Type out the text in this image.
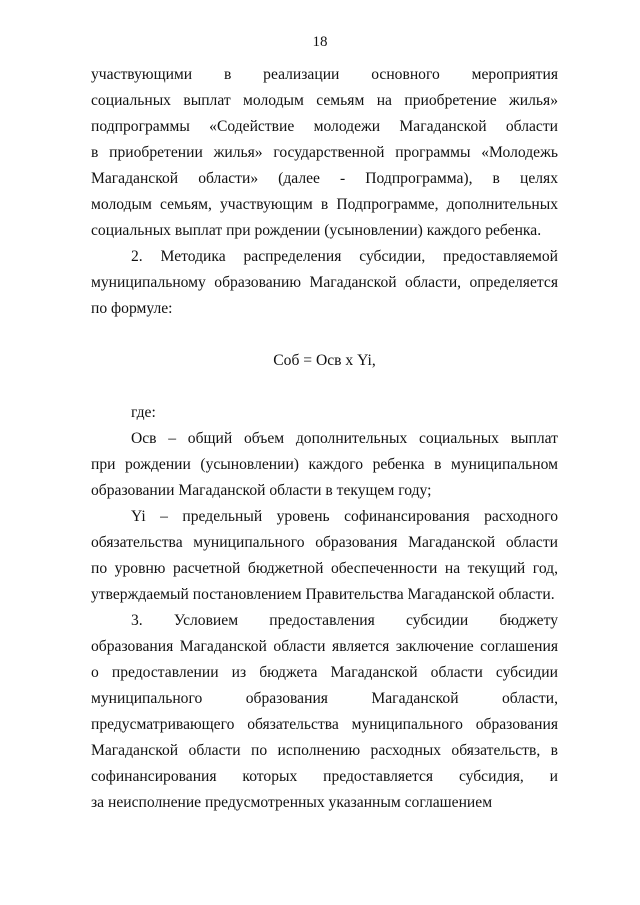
18
участвующими в реализации основного мероприятия
социальных выплат молодым семьям на приобретение жилья»
подпрограммы «Содействие молодежи Магаданской области
в приобретении жилья» государственной программы «Молодежь
Магаданской области» (далее - Подпрограмма), в целях
молодым семьям, участвующим в Подпрограмме, дополнительных
социальных выплат при рождении (усыновлении) каждого ребенка.
2. Методика распределения субсидии, предоставляемой
муниципальному образованию Магаданской области, определяется
по формуле:
Соб = Осв х Yi,
где:
Осв – общий объем дополнительных социальных выплат
при рождении (усыновлении) каждого ребенка в муниципальном
образовании Магаданской области в текущем году;
Yi – предельный уровень софинансирования расходного
обязательства муниципального образования Магаданской области
по уровню расчетной бюджетной обеспеченности на текущий год,
утверждаемый постановлением Правительства Магаданской области.
3. Условием предоставления субсидии бюджету
образования Магаданской области является заключение соглашения
о предоставлении из бюджета Магаданской области субсидии
муниципального образования Магаданской области,
предусматривающего обязательства муниципального образования
Магаданской области по исполнению расходных обязательств, в
софинансирования которых предоставляется субсидия, и
за неисполнение предусмотренных указанным соглашением
